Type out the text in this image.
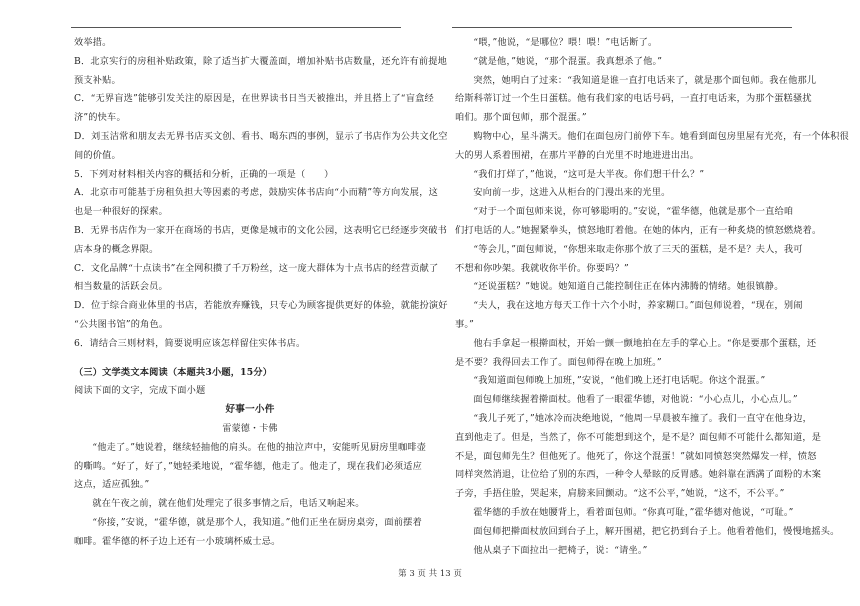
效举措。

B．北京实行的房租补贴政策，除了适当扩大覆盖面，增加补贴书店数量，还允许有前提地

预支补贴。

C．“无界盲选”能够引发关注的原因是，在世界读书日当天被推出，并且搭上了“盲盒经

济”的快车。

D．刘玉洁常和朋友去无界书店买文创、看书、喝东西的事例，显示了书店作为公共文化空

间的价值。

5．下列对材料相关内容的概括和分析，正确的一项是（　　）

A．北京市可能基于房租负担大等因素的考虑，鼓励实体书店向“小而精”等方向发展，这

也是一种很好的探索。

B．无界书店作为一家开在商场的书店，更像是城市的文化公园，这表明它已经逐步突破书

店本身的概念界限。

C．文化品牌“十点读书”在全网积攒了千万粉丝，这一庞大群体为十点书店的经营贡献了

相当数量的活跃会员。

D．位于综合商业体里的书店，若能放弃赚钱，只专心为顾客提供更好的体验，就能扮演好

“公共图书馆”的角色。

6．请结合三则材料，简要说明应该怎样留住实体书店。

（三）文学类文本阅读（本题共3小题，15分）

阅读下面的文字，完成下面小题

好事一小件

雷蒙德・卡佛

“他走了。”她说着，继续轻抽他的肩头。在他的抽泣声中，安能听见厨房里咖啡壶

的嘶鸣。“好了，好了，”她轻柔地说，“霍华德，他走了。他走了，现在我们必须适应

这点，适应孤独。”

就在午夜之前，就在他们处理完了很多事情之后，电话又响起来。

“你接，”安说，“霍华德，就是那个人，我知道。”他们正坐在厨房桌旁，面前摆着

咖啡。霍华德的杯子边上还有一小玻璃杯威士忌。

“喂，”他说，“是哪位？喂！喂！”电话断了。

“就是他，”她说，“那个混蛋。我真想杀了他。”

突然，她明白了过来：“我知道是谁一直打电话来了，就是那个面包师。我在他那儿

给斯科蒂订过一个生日蛋糕。他有我们家的电话号码，一直打电话来，为那个蛋糕骚扰

咱们。那个面包师，那个混蛋。”

购物中心，星斗满天。他们在面包房门前停下车。她看到面包房里屋有光亮，有一个体积很

大的男人系着围裙，在那片平静的白光里不时地进进出出。

“我们打烊了，”他说，“这可是大半夜。你们想干什么？”

安向前一步，这进入从柜台的门漫出来的光里。

“对于一个面包师来说，你可够聪明的。”安说，“霍华德，他就是那个一直给咱

们打电话的人。”她握紧拳头，愤怒地盯着他。在她的体内，正有一种炙烧的愤怒燃烧着。

“等会儿，”面包师说，“你想来取走你那个放了三天的蛋糕，是不是？夫人，我可

不想和你吵架。我就收你半价。你要吗？”

“还说蛋糕？”她说。她知道自己能控制住正在体内沸腾的情绪。她很镇静。

“夫人，我在这地方每天工作十六个小时，养家糊口。”面包师说着，“现在，别闹

事。”

他右手拿起一根擀面杖，开始一颤一颤地拍在左手的掌心上。“你是要那个蛋糕，还

是不要？我得回去工作了。面包师得在晚上加班。”

“我知道面包师晚上加班，”安说，“他们晚上还打电话呢。你这个混蛋。”

面包师继续握着擀面杖。他看了一眼霍华德，对他说：“小心点儿，小心点儿。”

“我儿子死了，”她冰冷而决绝地说，“他周一早晨被车撞了。我们一直守在他身边，

直到他走了。但是，当然了，你不可能想到这个，是不是？面包师不可能什么都知道，是

不是，面包师先生？但他死了。他死了，你这个混蛋！”就如同愤怒突然爆发一样，愤怒

同样突然消退，让位给了别的东西，一种令人晕眩的反胃感。她斜靠在洒满了面粉的木案

子旁，手捂住脸，哭起来，肩膀来回颤动。“这不公平，”她说，“这不，不公平。”

霍华德的手放在她腰背上，看着面包师。“你真可耻，”霍华德对他说，“可耻。”

面包师把擀面杖放回到台子上，解开围裙，把它扔到台子上。他看着他们，慢慢地摇头。

他从桌子下面拉出一把椅子，说：“请坐。”

第 3 页 共 13 页
